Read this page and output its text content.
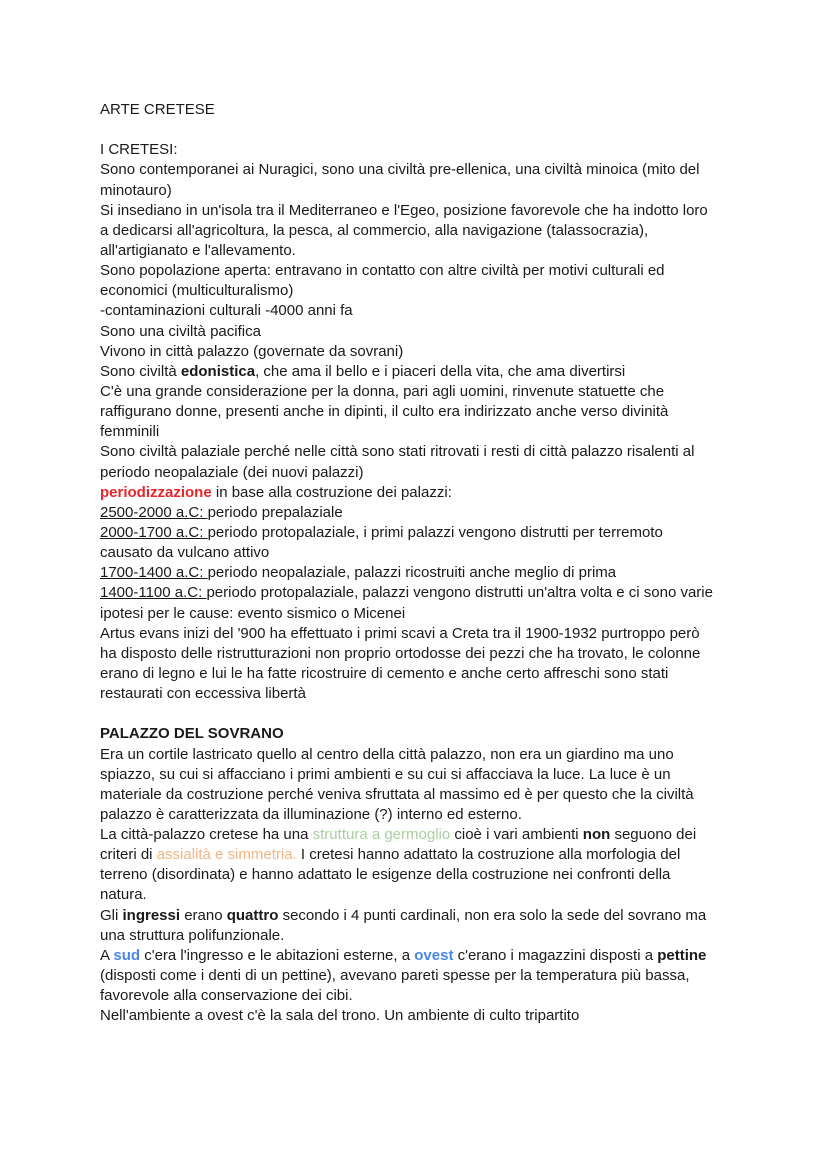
ARTE CRETESE
I CRETESI:
Sono contemporanei ai Nuragici, sono una civiltà pre-ellenica, una civiltà minoica (mito del
minotauro)
Si insediano in un'isola tra il Mediterraneo e l'Egeo, posizione favorevole che ha indotto loro
a dedicarsi all'agricoltura, la pesca, al commercio, alla navigazione (talassocrazia),
all'artigianato e l'allevamento.
Sono popolazione aperta: entravano in contatto con altre civiltà per motivi culturali ed
economici (multiculturalismo)
-contaminazioni culturali -4000 anni fa
Sono una civiltà pacifica
Vivono in città palazzo (governate da sovrani)
Sono civiltà edonistica, che ama il bello e i piaceri della vita, che ama divertirsi
C'è una grande considerazione per la donna, pari agli uomini, rinvenute statuette che
raffigurano donne, presenti anche in dipinti, il culto era indirizzato anche verso divinità
femminili
Sono civiltà palaziale perché nelle città sono stati ritrovati i resti di città palazzo risalenti al
periodo neopalaziale (dei nuovi palazzi)
periodizzazione in base alla costruzione dei palazzi:
2500-2000 a.C: periodo prepalaziale
2000-1700 a.C: periodo protopalaziale, i primi palazzi vengono distrutti per terremoto
causato da vulcano attivo
1700-1400 a.C: periodo neopalaziale, palazzi ricostruiti anche meglio di prima
1400-1100 a.C: periodo protopalaziale, palazzi vengono distrutti un'altra volta e ci sono varie
ipotesi per le cause: evento sismico o Micenei
Artus evans inizi del '900 ha effettuato i primi scavi a Creta tra il 1900-1932 purtroppo però
ha disposto delle ristrutturazioni non proprio ortodosse dei pezzi che ha trovato, le colonne
erano di legno e lui le ha fatte ricostruire di cemento e anche certo affreschi sono stati
restaurati con eccessiva libertà
PALAZZO DEL SOVRANO
Era un cortile lastricato quello al centro della città palazzo, non era un giardino ma uno
spiazzo, su cui si affacciano i primi ambienti e su cui si affacciava la luce. La luce è un
materiale da costruzione perché veniva sfruttata al massimo ed è per questo che la civiltà
palazzo è caratterizzata da illuminazione (?) interno ed esterno.
La città-palazzo cretese ha una struttura a germoglio cioè i vari ambienti non seguono dei
criteri di assialità e simmetria. I cretesi hanno adattato la costruzione alla morfologia del
terreno (disordinata) e hanno adattato le esigenze della costruzione nei confronti della
natura.
Gli ingressi erano quattro secondo i 4 punti cardinali, non era solo la sede del sovrano ma
una struttura polifunzionale.
A sud c'era l'ingresso e le abitazioni esterne, a ovest c'erano i magazzini disposti a pettine
(disposti come i denti di un pettine), avevano pareti spesse per la temperatura più bassa,
favorevole alla conservazione dei cibi.
Nell'ambiente a ovest c'è la sala del trono. Un ambiente di culto tripartito
